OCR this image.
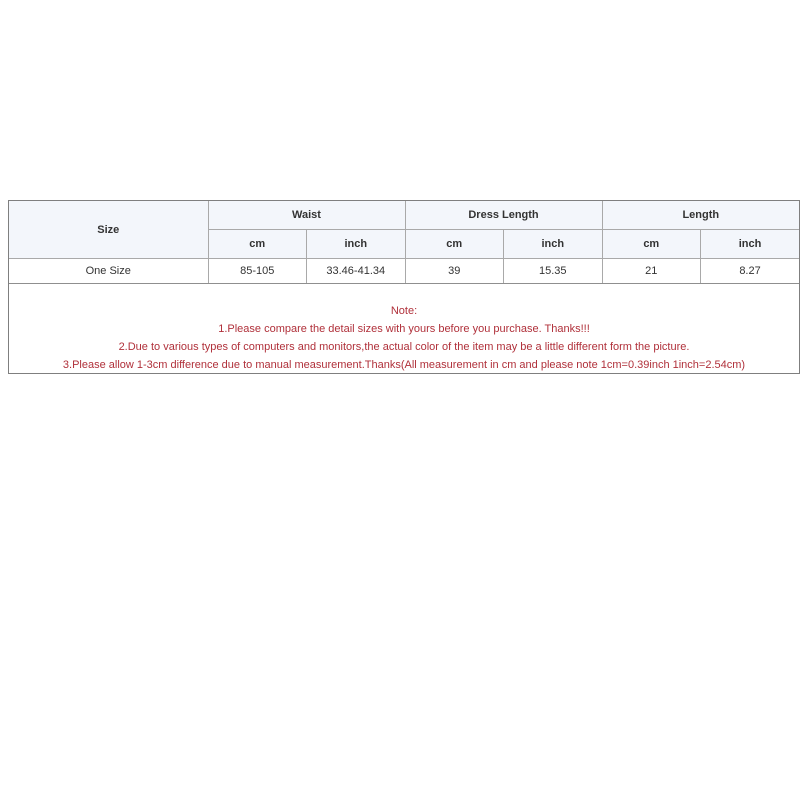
Size	Waist		Dress Length		Length	
	cm	inch	cm	inch	cm	inch
One Size	85-105	33.46-41.34	39	15.35	21	8.27
Note:
1.Please compare the detail sizes with yours before you purchase. Thanks!!!
2.Due to various types of computers and monitors,the actual color of the item may be a little different form the picture.
3.Please allow 1-3cm difference due to manual measurement.Thanks(All measurement in cm and please note 1cm=0.39inch 1inch=2.54cm)
